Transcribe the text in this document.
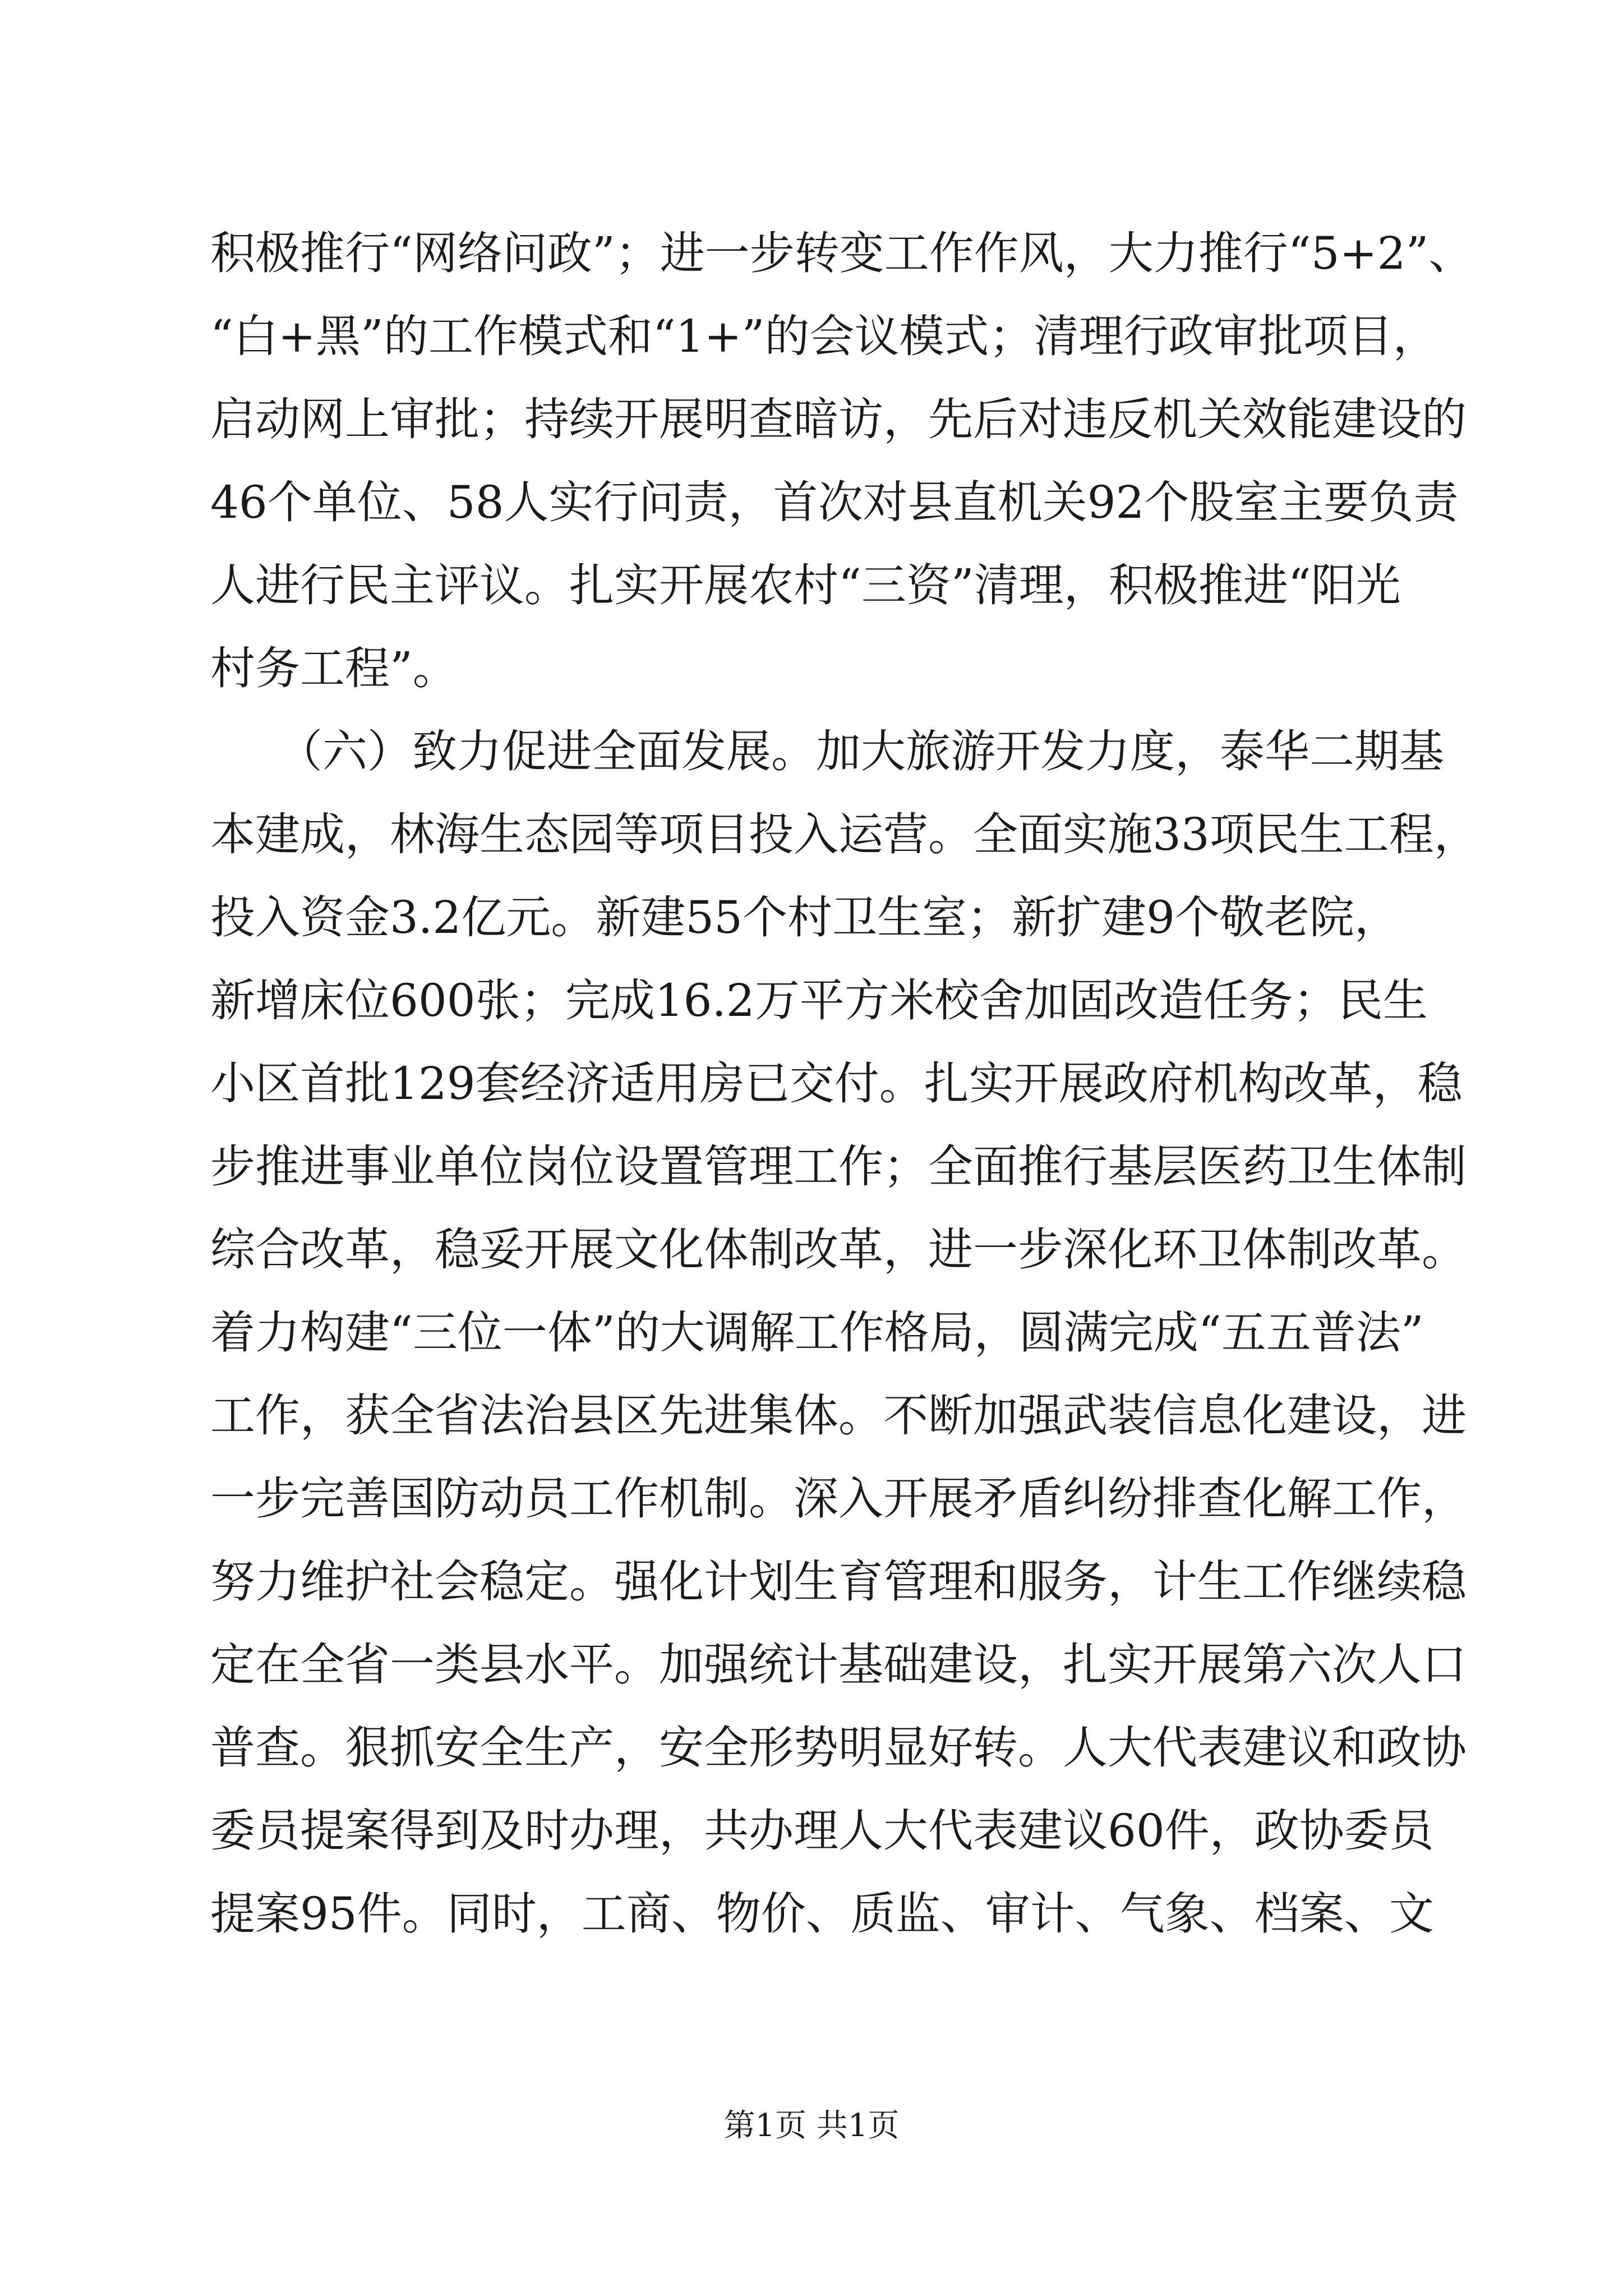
积极推行“网络问政”；进一步转变工作作风，大力推行“5+2”、
“白+黑”的工作模式和“1+”的会议模式；清理行政审批项目，
启动网上审批；持续开展明查暗访，先后对违反机关效能建设的
46个单位、58人实行问责，首次对县直机关92个股室主要负责
人进行民主评议。扎实开展农村“三资”清理，积极推进“阳光
村务工程”。
　　（六）致力促进全面发展。加大旅游开发力度，泰华二期基
本建成，林海生态园等项目投入运营。全面实施33项民生工程，
投入资金3.2亿元。新建55个村卫生室；新扩建9个敬老院，
新增床位600张；完成16.2万平方米校舍加固改造任务；民生
小区首批129套经济适用房已交付。扎实开展政府机构改革，稳
步推进事业单位岗位设置管理工作；全面推行基层医药卫生体制
综合改革，稳妥开展文化体制改革，进一步深化环卫体制改革。
着力构建“三位一体”的大调解工作格局，圆满完成“五五普法”
工作，获全省法治县区先进集体。不断加强武装信息化建设，进
一步完善国防动员工作机制。深入开展矛盾纠纷排查化解工作，
努力维护社会稳定。强化计划生育管理和服务，计生工作继续稳
定在全省一类县水平。加强统计基础建设，扎实开展第六次人口
普查。狠抓安全生产，安全形势明显好转。人大代表建议和政协
委员提案得到及时办理，共办理人大代表建议60件，政协委员
提案95件。同时，工商、物价、质监、审计、气象、档案、文
第1页 共1页
